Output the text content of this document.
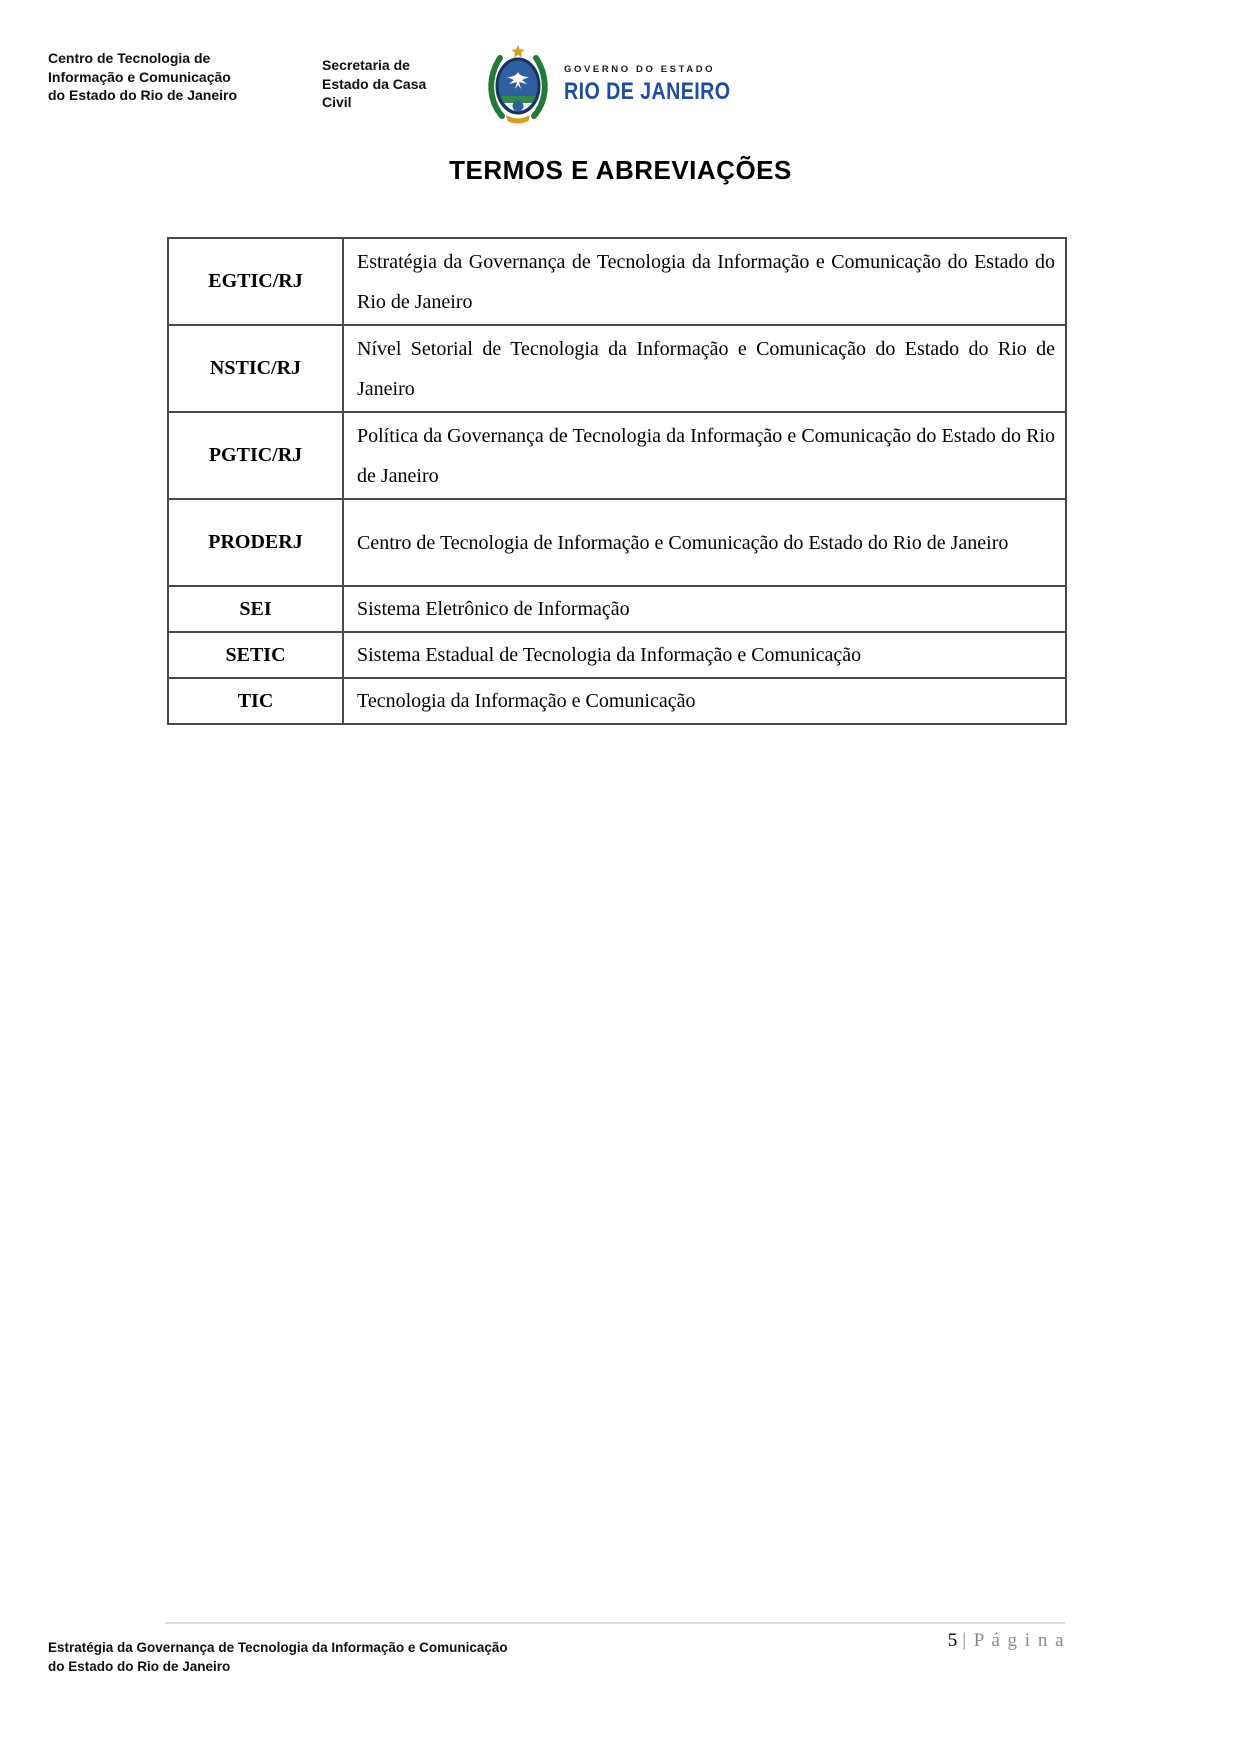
Centro de Tecnologia de
Informação e Comunicação
do Estado do Rio de Janeiro
Secretaria de
Estado da Casa
Civil
GOVERNO DO ESTADO
RIO DE JANEIRO
TERMOS E ABREVIAÇÕES
EGTIC/RJ	Estratégia da Governança de Tecnologia da Informação e Comunicação do Estado do Rio de Janeiro
NSTIC/RJ	Nível Setorial de Tecnologia da Informação e Comunicação do Estado do Rio de Janeiro
PGTIC/RJ	Política da Governança de Tecnologia da Informação e Comunicação do Estado do Rio de Janeiro
PRODERJ	Centro de Tecnologia de Informação e Comunicação do Estado do Rio de Janeiro
SEI	Sistema Eletrônico de Informação
SETIC	Sistema Estadual de Tecnologia da Informação e Comunicação
TIC	Tecnologia da Informação e Comunicação
Estratégia da Governança de Tecnologia da Informação e Comunicação
do Estado do Rio de Janeiro
5 | P á g i n a
